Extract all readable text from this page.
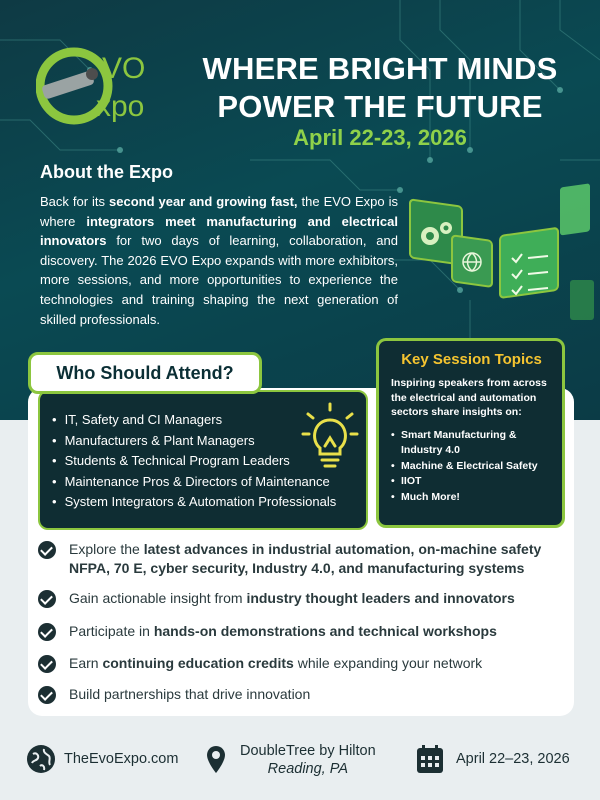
VO
xpo
WHERE BRIGHT MINDS
POWER THE FUTURE
April 22-23, 2026
About the Expo
Back for its second year and growing fast, the EVO Expo is where integrators meet manufacturing and electrical innovators for two days of learning, collaboration, and discovery. The 2026 EVO Expo expands with more exhibitors, more sessions, and more opportunities to experience the technologies and training shaping the next generation of skilled professionals.
• IT, Safety and CI Managers
• Manufacturers & Plant Managers
• Students & Technical Program Leaders
• Maintenance Pros & Directors of Maintenance
• System Integrators & Automation Professionals
Who Should Attend?
Key Session Topics
Inspiring speakers from across the electrical and automation sectors share insights on:
• Smart Manufacturing & Industry 4.0
• Machine & Electrical Safety
• IIOT
• Much More!
Explore the latest advances in industrial automation, on-machine safety NFPA, 70 E, cyber security, Industry 4.0, and manufacturing systems
Gain actionable insight from industry thought leaders and innovators
Participate in hands-on demonstrations and technical workshops
Earn continuing education credits while expanding your network
Build partnerships that drive innovation
TheEvoExpo.com	DoubleTree by Hilton
Reading, PA
April 22–23, 2026
